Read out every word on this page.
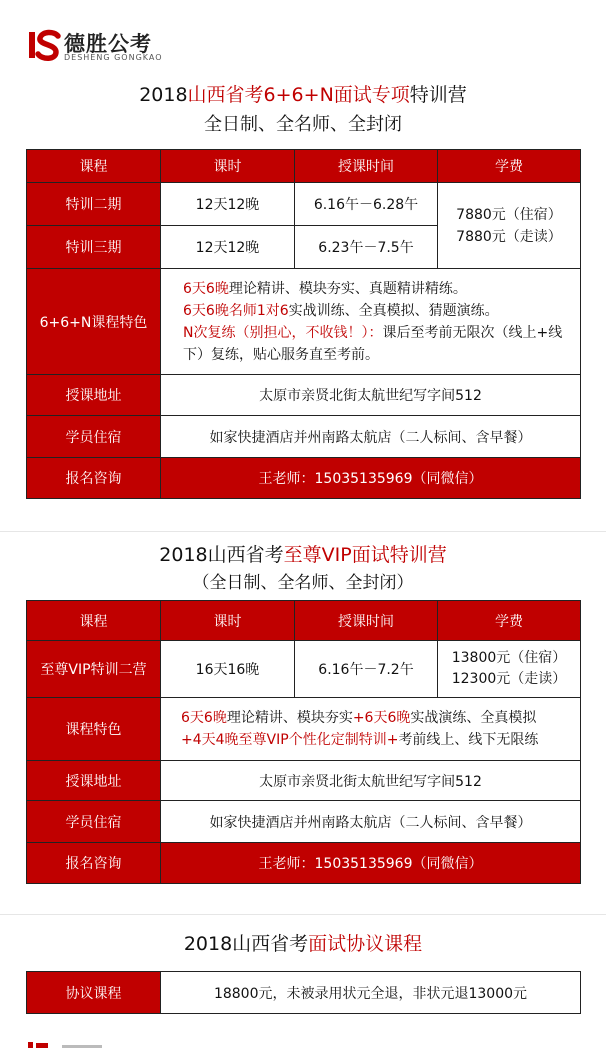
德胜公考
DESHENG GONGKAO
2018山西省考6+6+N面试专项特训营
全日制、全名师、全封闭
课程	课时	授课时间	学费
特训二期	12天12晚	6.16午－6.28午	7880元（住宿）
7880元（走读）

特训三期	12天12晚	6.23午－7.5午	
6+6+N课程特色	6天6晚理论精讲、模块夯实、真题精讲精练。
6天6晚名师1对6实战训练、全真模拟、猜题演练。
N次复练（别担心，不收钱！）：课后至考前无限次（线上+线下）复练，贴心服务直至考前。		

授课地址	太原市亲贤北街太航世纪写字间512		
学员住宿	如家快捷酒店并州南路太航店（二人标间、含早餐）		
报名咨询	王老师：15035135969（同微信）		
2018山西省考至尊VIP面试特训营
（全日制、全名师、全封闭）
课程	课时	授课时间	学费
至尊VIP特训二营	16天16晚	6.16午－7.2午	13800元（住宿）
12300元（走读）

课程特色	6天6晚理论精讲、模块夯实+6天6晚实战演练、全真模拟
+4天4晚至尊VIP个性化定制特训+考前线上、线下无限练		

授课地址	太原市亲贤北街太航世纪写字间512		
学员住宿	如家快捷酒店并州南路太航店（二人标间、含早餐）		
报名咨询	王老师：15035135969（同微信）		
2018山西省考面试协议课程
协议课程	18800元，未被录用状元全退，非状元退13000元
